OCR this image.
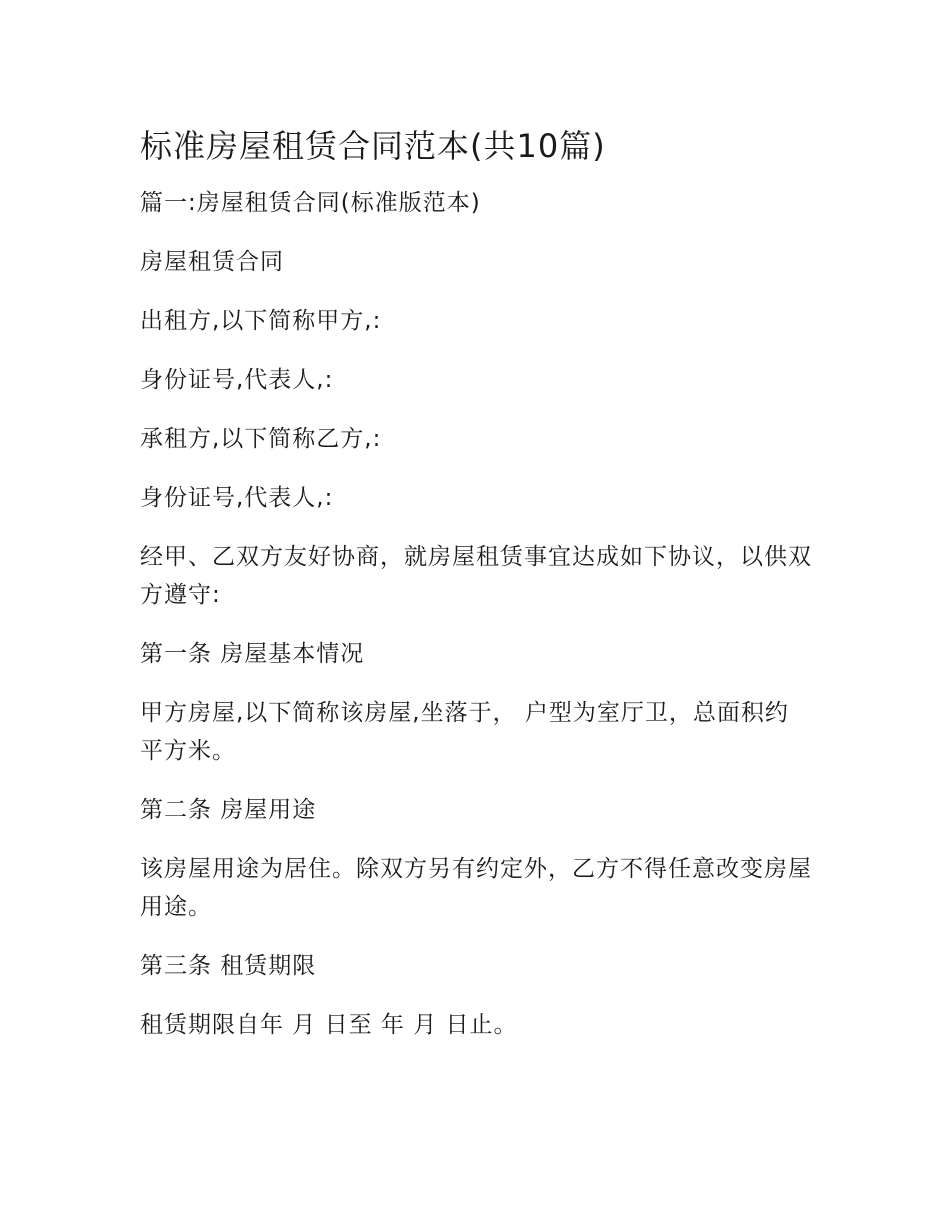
标准房屋租赁合同范本(共10篇)

篇一:房屋租赁合同(标准版范本)

房屋租赁合同

出租方,以下简称甲方,:

身份证号,代表人,:

承租方,以下简称乙方,:

身份证号,代表人,:

经甲、乙双方友好协商，就房屋租赁事宜达成如下协议，以供双方遵守:

第一条 房屋基本情况

甲方房屋,以下简称该房屋,坐落于， 户型为室厅卫，总面积约 平方米。

第二条 房屋用途

该房屋用途为居住。除双方另有约定外，乙方不得任意改变房屋用途。

第三条 租赁期限

租赁期限自年 月 日至 年 月 日止。
